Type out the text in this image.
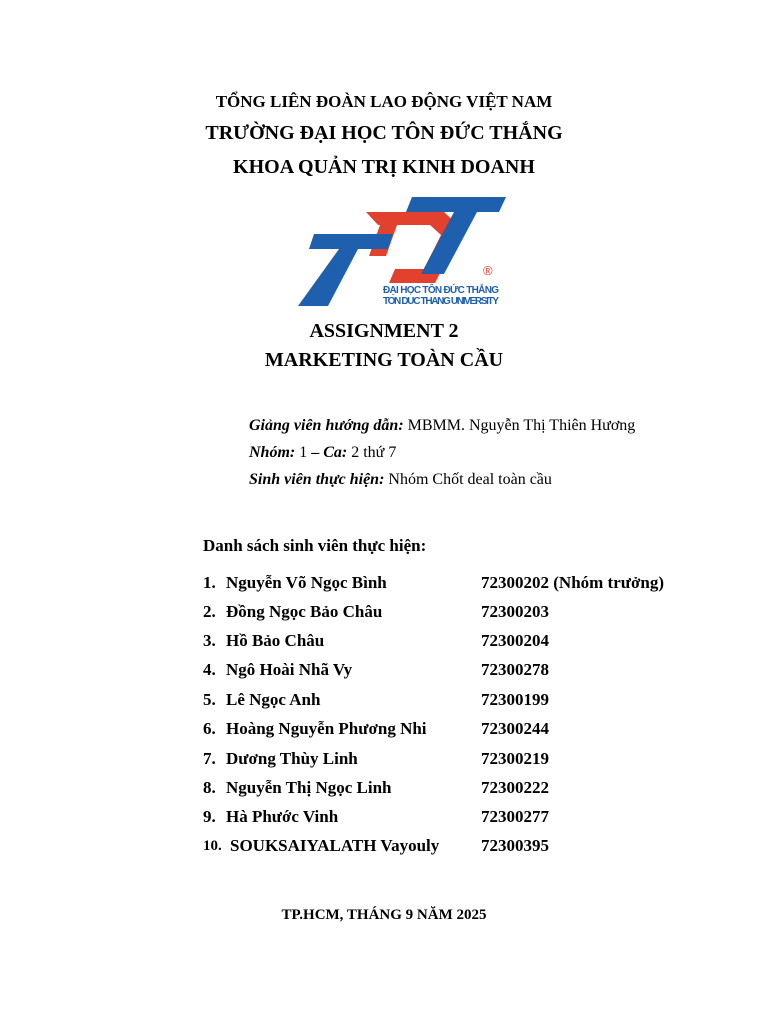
TỔNG LIÊN ĐOÀN LAO ĐỘNG VIỆT NAM
TRƯỜNG ĐẠI HỌC TÔN ĐỨC THẮNG
KHOA QUẢN TRỊ KINH DOANH
®
ĐẠI HỌC TÔN ĐỨC THẮNG
TON DUC THANG UNIVERSITY
ASSIGNMENT 2
MARKETING TOÀN CẦU
Giảng viên hướng dẫn: MBMM. Nguyễn Thị Thiên Hương
Nhóm: 1 – Ca: 2 thứ 7
Sinh viên thực hiện: Nhóm Chốt deal toàn cầu
Danh sách sinh viên thực hiện:
1. Nguyễn Võ Ngọc Bình	72300202 (Nhóm trưởng)
2. Đồng Ngọc Bảo Châu	72300203
3. Hồ Bảo Châu	72300204
4. Ngô Hoài Nhã Vy	72300278
5. Lê Ngọc Anh	72300199
6. Hoàng Nguyễn Phương Nhi	72300244
7. Dương Thùy Linh	72300219
8. Nguyễn Thị Ngọc Linh	72300222
9. Hà Phước Vinh	72300277
10. SOUKSAIYALATH Vayouly 72300395
TP.HCM, THÁNG 9 NĂM 2025
